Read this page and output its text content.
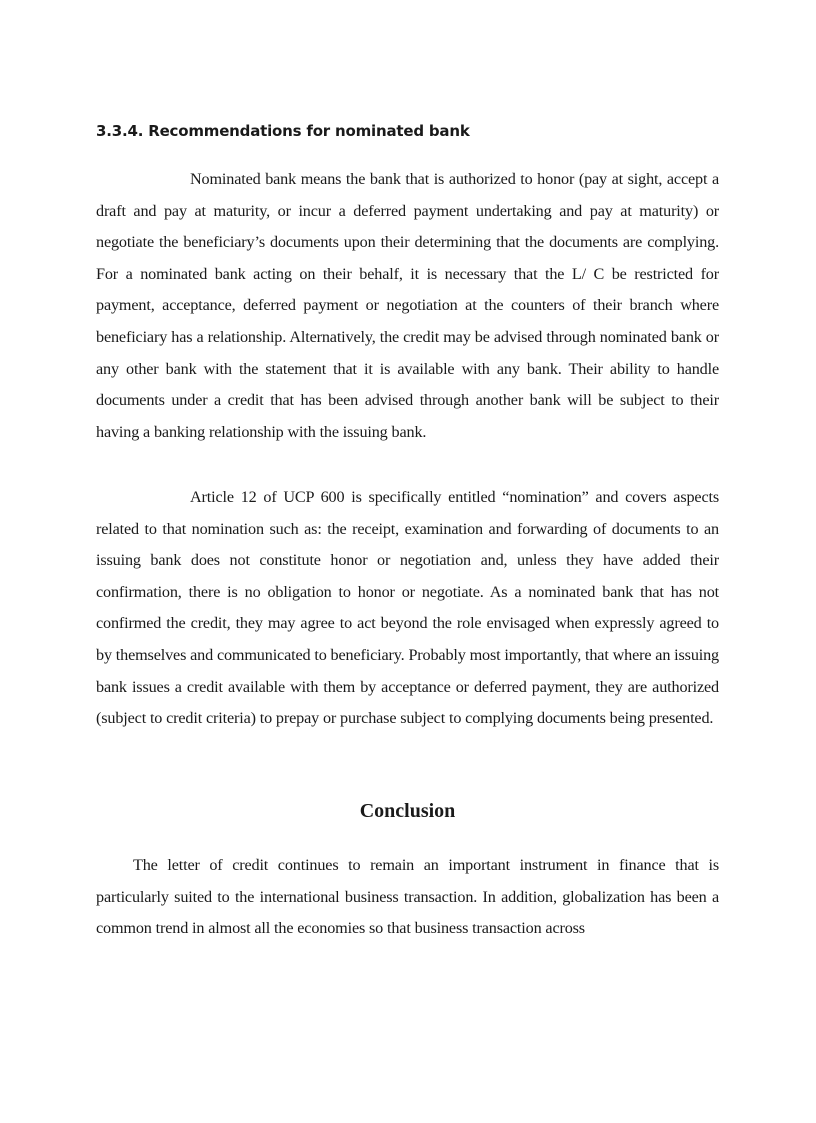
3.3.4. Recommendations for nominated bank

Nominated bank means the bank that is authorized to honor (pay at sight, accept a draft and pay at maturity, or incur a deferred payment undertaking and pay at maturity) or negotiate the beneficiary’s documents upon their determining that the documents are complying. For a nominated bank acting on their behalf, it is necessary that the L/ C be restricted for payment, acceptance, deferred payment or negotiation at the counters of their branch where beneficiary has a relationship. Alternatively, the credit may be advised through nominated bank or any other bank with the statement that it is available with any bank. Their ability to handle documents under a credit that has been advised through another bank will be subject to their having a banking relationship with the issuing bank.

Article 12 of UCP 600 is specifically entitled “nomination” and covers aspects related to that nomination such as: the receipt, examination and forwarding of documents to an issuing bank does not constitute honor or negotiation and, unless they have added their confirmation, there is no obligation to honor or negotiate. As a nominated bank that has not confirmed the credit, they may agree to act beyond the role envisaged when expressly agreed to by themselves and communicated to beneficiary. Probably most importantly, that where an issuing bank issues a credit available with them by acceptance or deferred payment, they are authorized (subject to credit criteria) to prepay or purchase subject to complying documents being presented.

Conclusion

The letter of credit continues to remain an important instrument in finance that is particularly suited to the international business transaction. In addition, globalization has been a common trend in almost all the economies so that business transaction across
